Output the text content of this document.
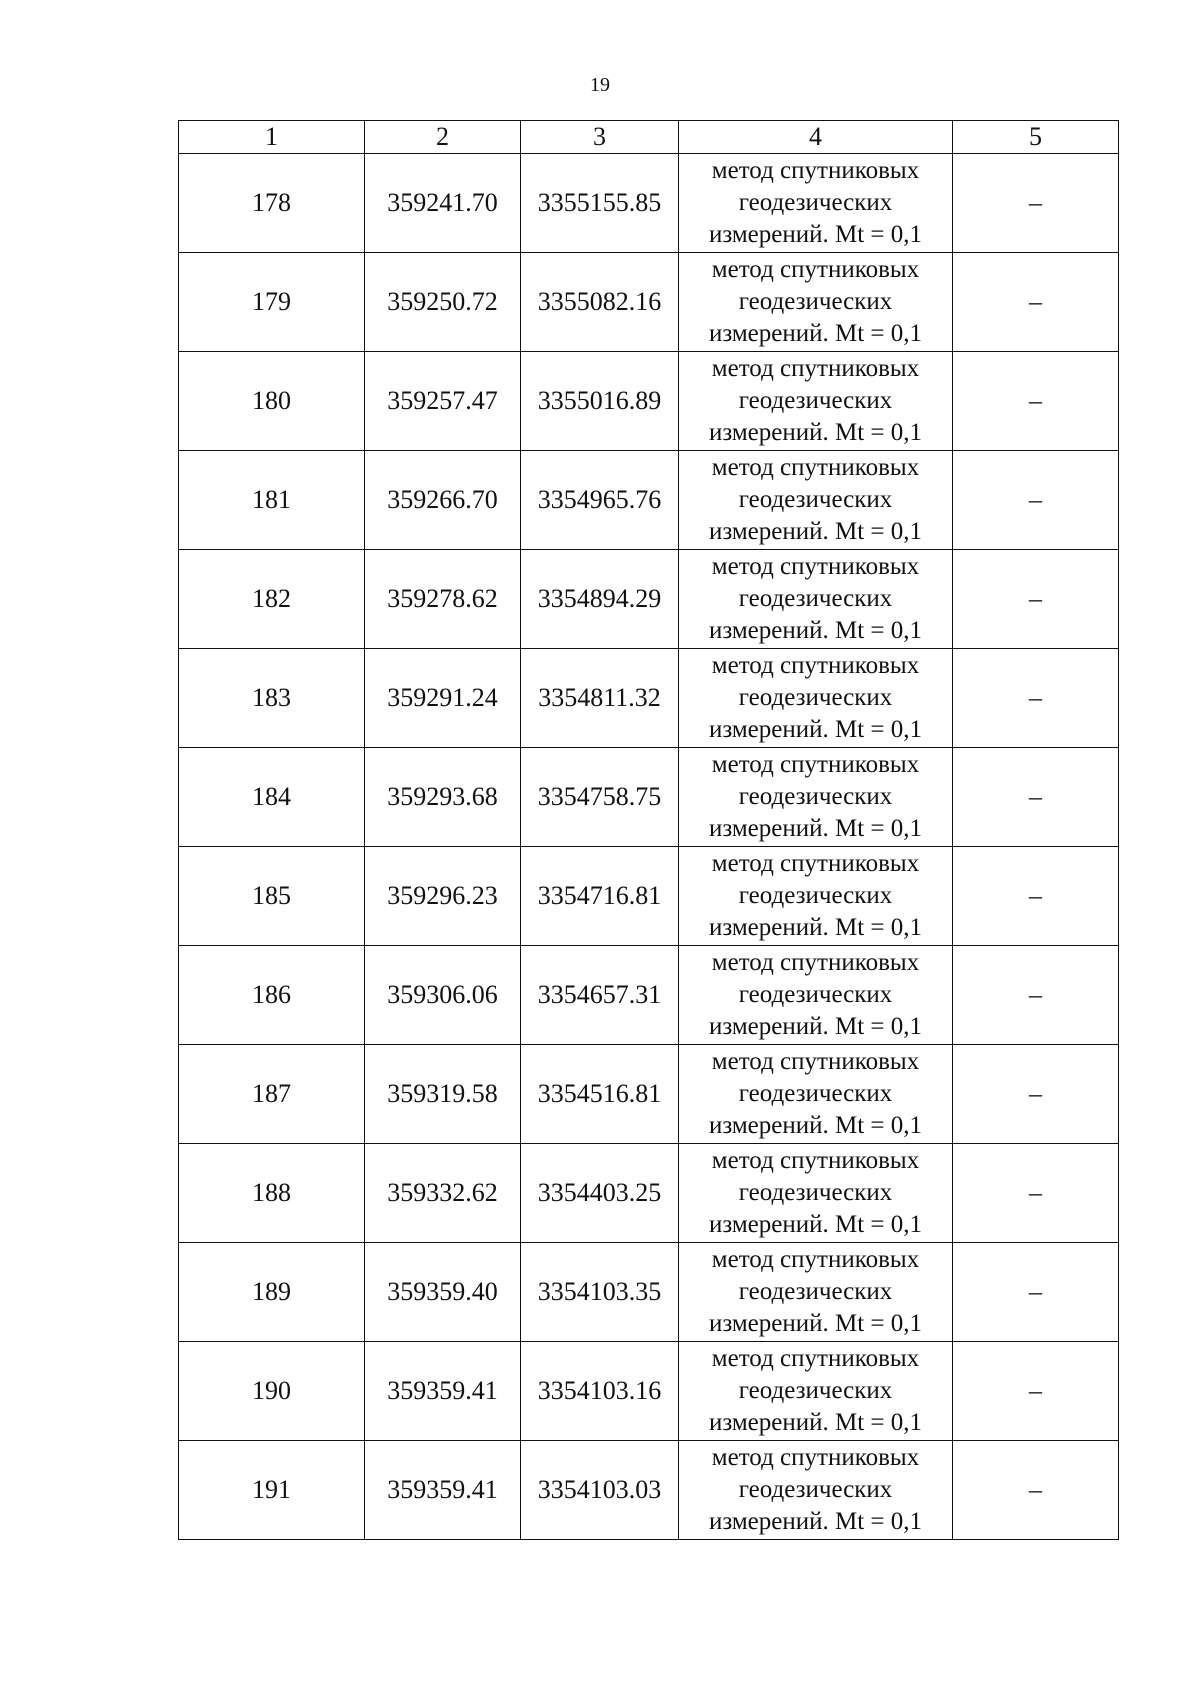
19
1	2	3	4	5
178	359241.70	3355155.85	метод спутниковых
геодезических
измерений. Mt = 0,1	–
179	359250.72	3355082.16	метод спутниковых
геодезических
измерений. Mt = 0,1	–
180	359257.47	3355016.89	метод спутниковых
геодезических
измерений. Mt = 0,1	–
181	359266.70	3354965.76	метод спутниковых
геодезических
измерений. Mt = 0,1	–
182	359278.62	3354894.29	метод спутниковых
геодезических
измерений. Mt = 0,1	–
183	359291.24	3354811.32	метод спутниковых
геодезических
измерений. Mt = 0,1	–
184	359293.68	3354758.75	метод спутниковых
геодезических
измерений. Mt = 0,1	–
185	359296.23	3354716.81	метод спутниковых
геодезических
измерений. Mt = 0,1	–
186	359306.06	3354657.31	метод спутниковых
геодезических
измерений. Mt = 0,1	–
187	359319.58	3354516.81	метод спутниковых
геодезических
измерений. Mt = 0,1	–
188	359332.62	3354403.25	метод спутниковых
геодезических
измерений. Mt = 0,1	–
189	359359.40	3354103.35	метод спутниковых
геодезических
измерений. Mt = 0,1	–
190	359359.41	3354103.16	метод спутниковых
геодезических
измерений. Mt = 0,1	–
191	359359.41	3354103.03	метод спутниковых
геодезических
измерений. Mt = 0,1	–
